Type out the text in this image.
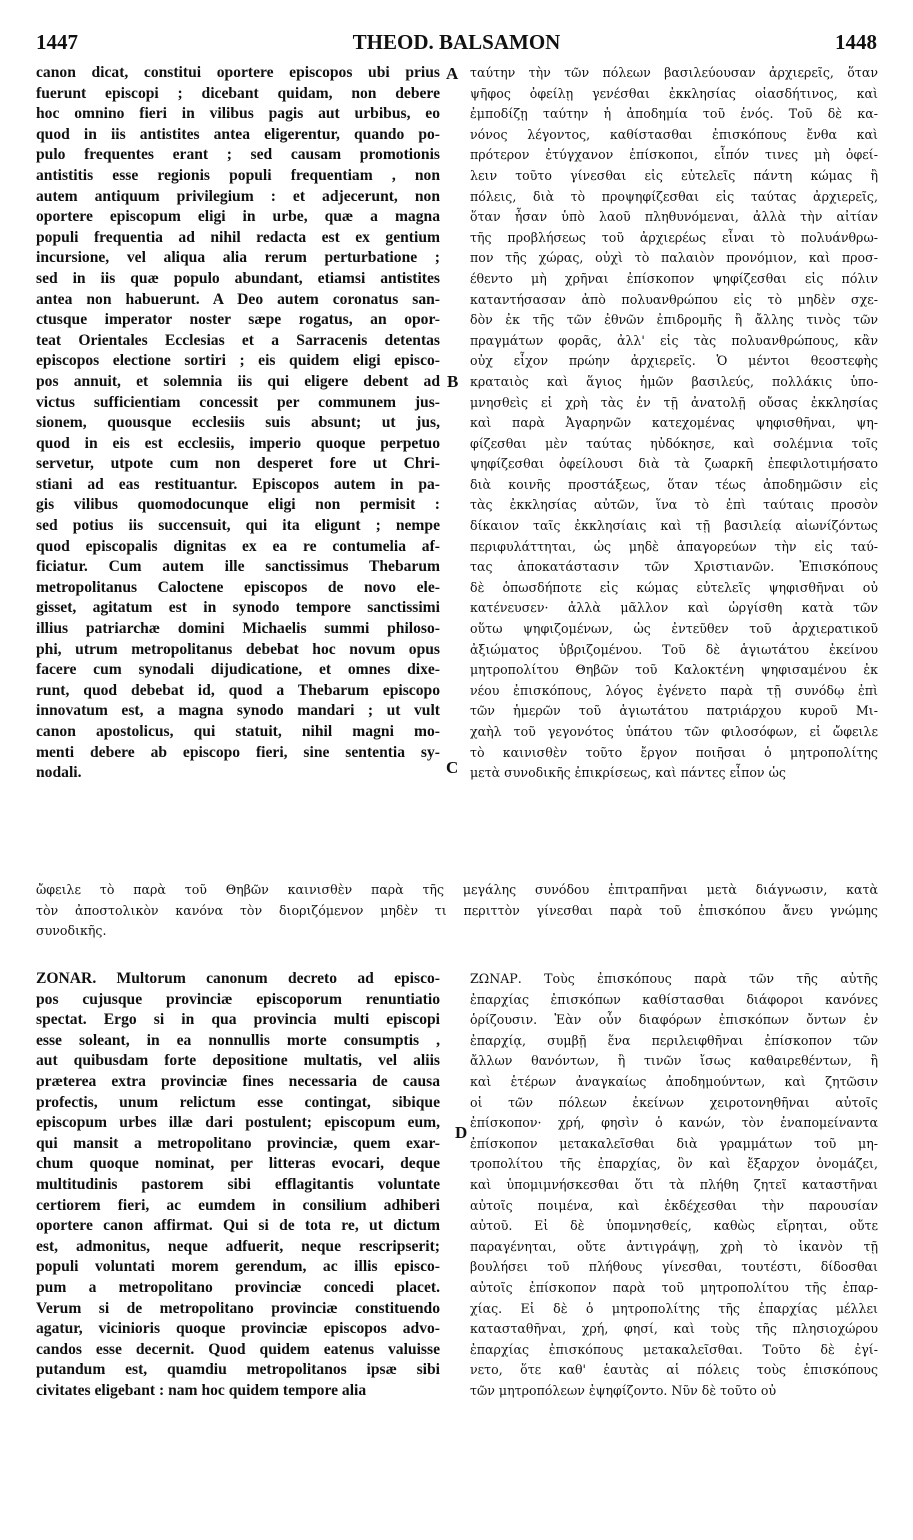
1447	THEOD. BALSAMON	1448
canon dicat, constitui oportere episcopos ubi prius
fuerunt episcopi ; dicebant quidam, non debere
hoc omnino fieri in vilibus pagis aut urbibus, eo
quod in iis antistites antea eligerentur, quando po-
pulo frequentes erant ; sed causam promotionis
antistitis esse regionis populi frequentiam , non
autem antiquum privilegium : et adjecerunt, non
oportere episcopum eligi in urbe, quæ a magna
populi frequentia ad nihil redacta est ex gentium
incursione, vel aliqua alia rerum perturbatione ;
sed in iis quæ populo abundant, etiamsi antistites
antea non habuerunt. A Deo autem coronatus san-
ctusque imperator noster sæpe rogatus, an opor-
teat Orientales Ecclesias et a Sarracenis detentas
episcopos electione sortiri ; eis quidem eligi episco-
pos annuit, et solemnia iis qui eligere debent ad
victus sufficientiam concessit per communem jus-
sionem, quousque ecclesiis suis absunt; ut jus,
quod in eis est ecclesiis, imperio quoque perpetuo
servetur, utpote cum non desperet fore ut Chri-
stiani ad eas restituantur. Episcopos autem in pa-
gis vilibus quomodocunque eligi non permisit :
sed potius iis succensuit, qui ita eligunt ; nempe
quod episcopalis dignitas ex ea re contumelia af-
ficiatur. Cum autem ille sanctissimus Thebarum
metropolitanus Caloctene episcopos de novo ele-
gisset, agitatum est in synodo tempore sanctissimi
illius patriarchæ domini Michaelis summi philoso-
phi, utrum metropolitanus debebat hoc novum opus
facere cum synodali dijudicatione, et omnes dixe-
runt, quod debebat id, quod a Thebarum episcopo
innovatum est, a magna synodo mandari ; ut vult
canon apostolicus, qui statuit, nihil magni mo-
menti debere ab episcopo fieri, sine sententia sy-
nodali.
ταύτην τὴν τῶν πόλεων βασιλεύουσαν ἀρχιερεῖς, ὅταν
ψῆφος ὀφείλῃ γενέσθαι ἐκκλησίας οἱασδήτινος, καὶ
ἐμποδίζῃ ταύτην ἡ ἀποδημία τοῦ ἑνός. Τοῦ δὲ κα-
νόνος λέγοντος, καθίστασθαι ἐπισκόπους ἔνθα καὶ
πρότερον ἐτύγχανον ἐπίσκοποι, εἶπόν τινες μὴ ὀφεί-
λειν τοῦτο γίνεσθαι εἰς εὐτελεῖς πάντη κώμας ἢ
πόλεις, διὰ τὸ προψηφίζεσθαι εἰς ταύτας ἀρχιερεῖς,
ὅταν ἦσαν ὑπὸ λαοῦ πληθυνόμεναι, ἀλλὰ τὴν αἰτίαν
τῆς προβλήσεως τοῦ ἀρχιερέως εἶναι τὸ πολυάνθρω-
πον τῆς χώρας, οὐχὶ τὸ παλαιὸν προνόμιον, καὶ προσ-
έθεντο μὴ χρῆναι ἐπίσκοπον ψηφίζεσθαι εἰς πόλιν
καταντήσασαν ἀπὸ πολυανθρώπου εἰς τὸ μηδὲν σχε-
δὸν ἐκ τῆς τῶν ἐθνῶν ἐπιδρομῆς ἢ ἄλλης τινὸς τῶν
πραγμάτων φορᾶς, ἀλλ' εἰς τὰς πολυανθρώπους, κἂν
οὐχ εἶχον πρώην ἀρχιερεῖς. Ὁ μέντοι θεοστεφὴς
κραταιὸς καὶ ἅγιος ἡμῶν βασιλεύς, πολλάκις ὑπο-
μνησθεὶς εἰ χρὴ τὰς ἐν τῇ ἀνατολῇ οὔσας ἐκκλησίας
καὶ παρὰ Ἀγαρηνῶν κατεχομένας ψηφισθῆναι, ψη-
φίζεσθαι μὲν ταύτας ηὐδόκησε, καὶ σολέμνια τοῖς
ψηφίζεσθαι ὀφείλουσι διὰ τὰ ζωαρκῆ ἐπεφιλοτιμήσατο
διὰ κοινῆς προστάξεως, ὅταν τέως ἀποδημῶσιν εἰς
τὰς ἐκκλησίας αὐτῶν, ἵνα τὸ ἐπὶ ταύταις προσὸν
δίκαιον ταῖς ἐκκλησίαις καὶ τῇ βασιλείᾳ αἰωνίζόντως
περιφυλάττηται, ὡς μηδὲ ἀπαγορεύων τὴν εἰς ταύ-
τας ἀποκατάστασιν τῶν Χριστιανῶν. Ἐπισκόπους
δὲ ὁπωσδήποτε εἰς κώμας εὐτελεῖς ψηφισθῆναι οὐ
κατένευσεν· ἀλλὰ μᾶλλον καὶ ὠργίσθη κατὰ τῶν
οὕτω ψηφιζομένων, ὡς ἐντεῦθεν τοῦ ἀρχιερατικοῦ
ἀξιώματος ὑβριζομένου. Τοῦ δὲ ἁγιωτάτου ἐκείνου
μητροπολίτου Θηβῶν τοῦ Καλοκτένη ψηφισαμένου ἐκ
νέου ἐπισκόπους, λόγος ἐγένετο παρὰ τῇ συνόδῳ ἐπὶ
τῶν ἡμερῶν τοῦ ἁγιωτάτου πατριάρχου κυροῦ Μι-
χαὴλ τοῦ γεγονότος ὑπάτου τῶν φιλοσόφων, εἰ ὤφειλε
τὸ καινισθὲν τοῦτο ἔργον ποιῆσαι ὁ μητροπολίτης
μετὰ συνοδικῆς ἐπικρίσεως, καὶ πάντες εἶπον ὡς
A
B
C
D
ὤφειλε τὸ παρὰ τοῦ Θηβῶν καινισθὲν παρὰ τῆς μεγάλης συνόδου ἐπιτραπῆναι μετὰ διάγνωσιν, κατὰ
τὸν ἀποστολικὸν κανόνα τὸν διοριζόμενον μηδὲν τι περιττὸν γίνεσθαι παρὰ τοῦ ἐπισκόπου ἄνευ γνώμης
συνοδικῆς.
ZONAR. Multorum canonum decreto ad episco-
pos cujusque provinciæ episcoporum renuntiatio
spectat. Ergo si in qua provincia multi episcopi
esse soleant, in ea nonnullis morte consumptis ,
aut quibusdam forte depositione multatis, vel aliis
præterea extra provinciæ fines necessaria de causa
profectis, unum relictum esse contingat, sibique
episcopum urbes illæ dari postulent; episcopum eum,
qui mansit a metropolitano provinciæ, quem exar-
chum quoque nominat, per litteras evocari, deque
multitudinis pastorem sibi efflagitantis voluntate
certiorem fieri, ac eumdem in consilium adhiberi
oportere canon affirmat. Qui si de tota re, ut dictum
est, admonitus, neque adfuerit, neque rescripserit;
populi voluntati morem gerendum, ac illis episco-
pum a metropolitano provinciæ concedi placet.
Verum si de metropolitano provinciæ constituendo
agatur, vicinioris quoque provinciæ episcopos advo-
candos esse decernit. Quod quidem eatenus valuisse
putandum est, quamdiu metropolitanos ipsæ sibi
civitates eligebant : nam hoc quidem tempore alia
ΖΩΝΑΡ. Τοὺς ἐπισκόπους παρὰ τῶν τῆς αὐτῆς
ἐπαρχίας ἐπισκόπων καθίστασθαι διάφοροι κανόνες
ὁρίζουσιν. Ἐὰν οὖν διαφόρων ἐπισκόπων ὄντων ἐν
ἐπαρχίᾳ, συμβῇ ἕνα περιλειφθῆναι ἐπίσκοπον τῶν
ἄλλων θανόντων, ἢ τινῶν ἴσως καθαιρεθέντων, ἢ
καὶ ἑτέρων ἀναγκαίως ἀποδημούντων, καὶ ζητῶσιν
οἱ τῶν πόλεων ἐκείνων χειροτονηθῆναι αὐτοῖς
ἐπίσκοπον· χρή, φησὶν ὁ κανών, τὸν ἐναπομείναντα
ἐπίσκοπον μετακαλεῖσθαι διὰ γραμμάτων τοῦ μη-
τροπολίτου τῆς ἐπαρχίας, ὃν καὶ ἔξαρχον ὀνομάζει,
καὶ ὑπομιμνήσκεσθαι ὅτι τὰ πλήθη ζητεῖ καταστῆναι
αὐτοῖς ποιμένα, καὶ ἐκδέχεσθαι τὴν παρουσίαν
αὐτοῦ. Εἰ δὲ ὑπομνησθείς, καθὼς εἴρηται, οὔτε
παραγένηται, οὔτε ἀντιγράψῃ, χρὴ τὸ ἱκανὸν τῇ
βουλήσει τοῦ πλήθους γίνεσθαι, τουτέστι, δίδοσθαι
αὐτοῖς ἐπίσκοπον παρὰ τοῦ μητροπολίτου τῆς ἐπαρ-
χίας. Εἰ δὲ ὁ μητροπολίτης τῆς ἐπαρχίας μέλλει
κατασταθῆναι, χρή, φησί, καὶ τοὺς τῆς πλησιοχώρου
ἐπαρχίας ἐπισκόπους μετακαλεῖσθαι. Τοῦτο δὲ ἐγί-
νετο, ὅτε καθ' ἑαυτὰς αἱ πόλεις τοὺς ἐπισκόπους
τῶν μητροπόλεων ἐψηφίζοντο. Νῦν δὲ τοῦτο οὐ
